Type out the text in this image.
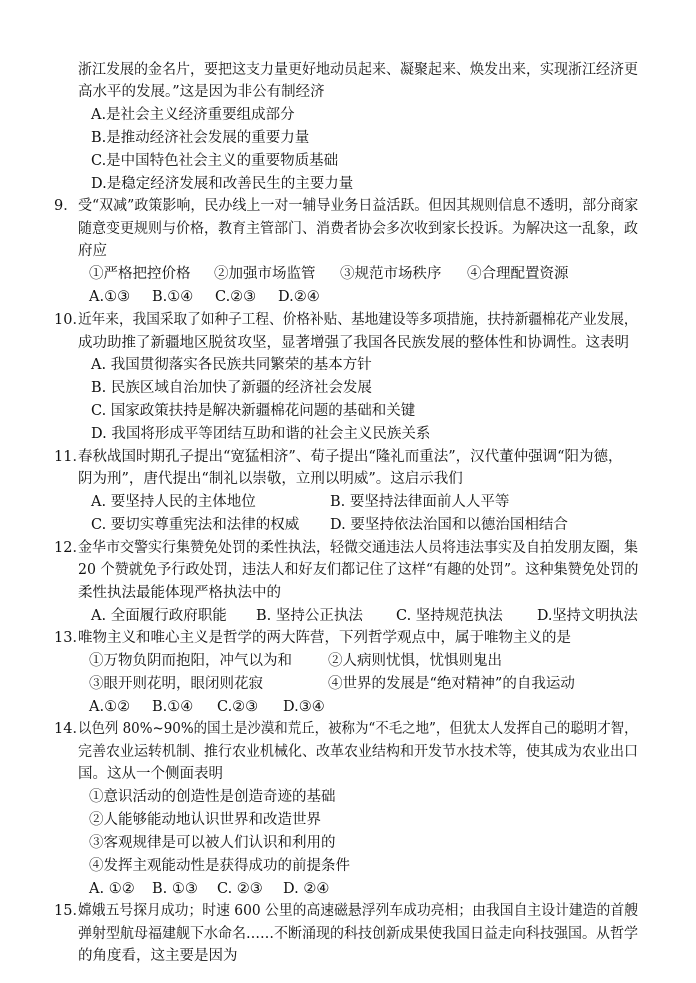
浙江发展的金名片，要把这支力量更好地动员起来、凝聚起来、焕发出来，实现浙江经济更
高水平的发展。”这是因为非公有制经济
A.是社会主义经济重要组成部分
B.是推动经济社会发展的重要力量
C.是中国特色社会主义的重要物质基础
D.是稳定经济发展和改善民生的主要力量
9． 受“双减”政策影响，民办线上一对一辅导业务日益活跃。但因其规则信息不透明，部分商家
随意变更规则与价格，教育主管部门、消费者协会多次收到家长投诉。为解决这一乱象，政
府应
①严格把控价格 ②加强市场监管 ③规范市场秩序 ④合理配置资源
A.①③ B.①④ C.②③ D.②④
10．
近年来，我国采取了如种子工程、价格补贴、基地建设等多项措施，扶持新疆棉花产业发展，
成功助推了新疆地区脱贫攻坚，显著增强了我国各民族发展的整体性和协调性。这表明
A. 我国贯彻落实各民族共同繁荣的基本方针
B. 民族区域自治加快了新疆的经济社会发展
C. 国家政策扶持是解决新疆棉花问题的基础和关键
D. 我国将形成平等团结互助和谐的社会主义民族关系
11．
春秋战国时期孔子提出“宽猛相济”、荀子提出“隆礼而重法”，汉代董仲强调“阳为德，
阴为刑”，唐代提出“制礼以崇敬，立刑以明威”。这启示我们
A. 要坚持人民的主体地位	B. 要坚持法律面前人人平等
C. 要切实尊重宪法和法律的权威 D. 要坚持依法治国和以德治国相结合
12．
金华市交警实行集赞免处罚的柔性执法，轻微交通违法人员将违法事实及自拍发朋友圈，集
20 个赞就免予行政处罚，违法人和好友们都记住了这样“有趣的处罚”。这种集赞免处罚的
柔性执法最能体现严格执法中的
A. 全面履行政府职能 B. 坚持公正执法 C. 坚持规范执法 D.坚持文明执法
13．
唯物主义和唯心主义是哲学的两大阵营，下列哲学观点中，属于唯物主义的是
①万物负阴而抱阳，冲气以为和 ②人病则忧惧，忧惧则鬼出
③眼开则花明，眼闭则花寂	④世界的发展是“绝对精神”的自我运动
A.①② B.①④ C.②③ D.③④
14．
以色列 80%~90%的国土是沙漠和荒丘，被称为“不毛之地”，但犹太人发挥自己的聪明才智，
完善农业运转机制、推行农业机械化、改革农业结构和开发节水技术等，使其成为农业出口
国。这从一个侧面表明
①意识活动的创造性是创造奇迹的基础
②人能够能动地认识世界和改造世界
③客观规律是可以被人们认识和利用的
④发挥主观能动性是获得成功的前提条件
A. ①② B. ①③ C. ②③ D. ②④
15．
嫦娥五号探月成功；时速 600 公里的高速磁悬浮列车成功亮相；由我国自主设计建造的首艘
弹射型航母福建舰下水命名……不断涌现的科技创新成果使我国日益走向科技强国。从哲学
的角度看，这主要是因为
